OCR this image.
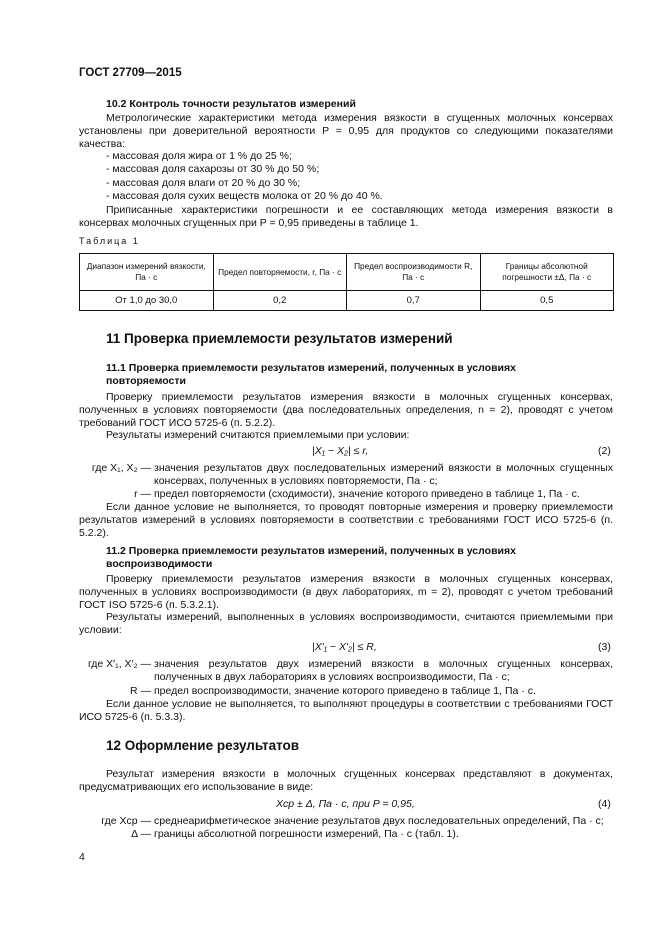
ГОСТ 27709—2015
10.2 Контроль точности результатов измерений
Метрологические характеристики метода измерения вязкости в сгущенных молочных консервах установлены при доверительной вероятности P = 0,95 для продуктов со следующими показателями качества:
- массовая доля жира от 1 % до 25 %;
- массовая доля сахарозы от 30 % до 50 %;
- массовая доля влаги от 20 % до 30 %;
- массовая доля сухих веществ молока от 20 % до 40 %.
Приписанные характеристики погрешности и ее составляющих метода измерения вязкости в консервах молочных сгущенных при P = 0,95 приведены в таблице 1.
Таблица 1
Диапазон измерений вязкости, Па · с	Предел повторяемости, r, Па · с	Предел воспроизводимости R, Па · с	Границы абсолютной погрешности ±Δ, Па · с
От 1,0 до 30,0	0,2	0,7	0,5
11 Проверка приемлемости результатов измерений
11.1 Проверка приемлемости результатов измерений, полученных в условиях
повторяемости
Проверку приемлемости результатов измерения вязкости в молочных сгущенных консервах, полученных в условиях повторяемости (два последовательных определения, n = 2), проводят с учетом требований ГОСТ ИСО 5725-6 (п. 5.2.2).
Результаты измерений считаются приемлемыми при условии:
|X₁ − X₂| ≤ r,	(2)
где X₁, X₂ — значения результатов двух последовательных измерений вязкости в молочных сгущенных консервах, полученных в условиях повторяемости, Па · с;
r — предел повторяемости (сходимости), значение которого приведено в таблице 1, Па · с.
Если данное условие не выполняется, то проводят повторные измерения и проверку приемлемости результатов измерений в условиях повторяемости в соответствии с требованиями ГОСТ ИСО 5725-6 (п. 5.2.2).
11.2 Проверка приемлемости результатов измерений, полученных в условиях
воспроизводимости
Проверку приемлемости результатов измерения вязкости в молочных сгущенных консервах, полученных в условиях воспроизводимости (в двух лабораториях, m = 2), проводят с учетом требований ГОСТ ISO 5725-6 (п. 5.3.2.1).
Результаты измерений, выполненных в условиях воспроизводимости, считаются приемлемыми при условии:
|X′₁ − X′₂| ≤ R,	(3)
где X′₁, X′₂ — значения результатов двух измерений вязкости в молочных сгущенных консервах, полученных в двух лабораториях в условиях воспроизводимости, Па · с;
R — предел воспроизводимости, значение которого приведено в таблице 1, Па · с.
Если данное условие не выполняется, то выполняют процедуры в соответствии с требованиями ГОСТ ИСО 5725-6 (п. 5.3.3).
12 Оформление результатов
Результат измерения вязкости в молочных сгущенных консервах представляют в документах, предусматривающих его использование в виде:
Xср ± Δ, Па · с, при P = 0,95,	(4)
где Xср — среднеарифметическое значение результатов двух последовательных определений, Па · с;
Δ — границы абсолютной погрешности измерений, Па · с (табл. 1).
4
